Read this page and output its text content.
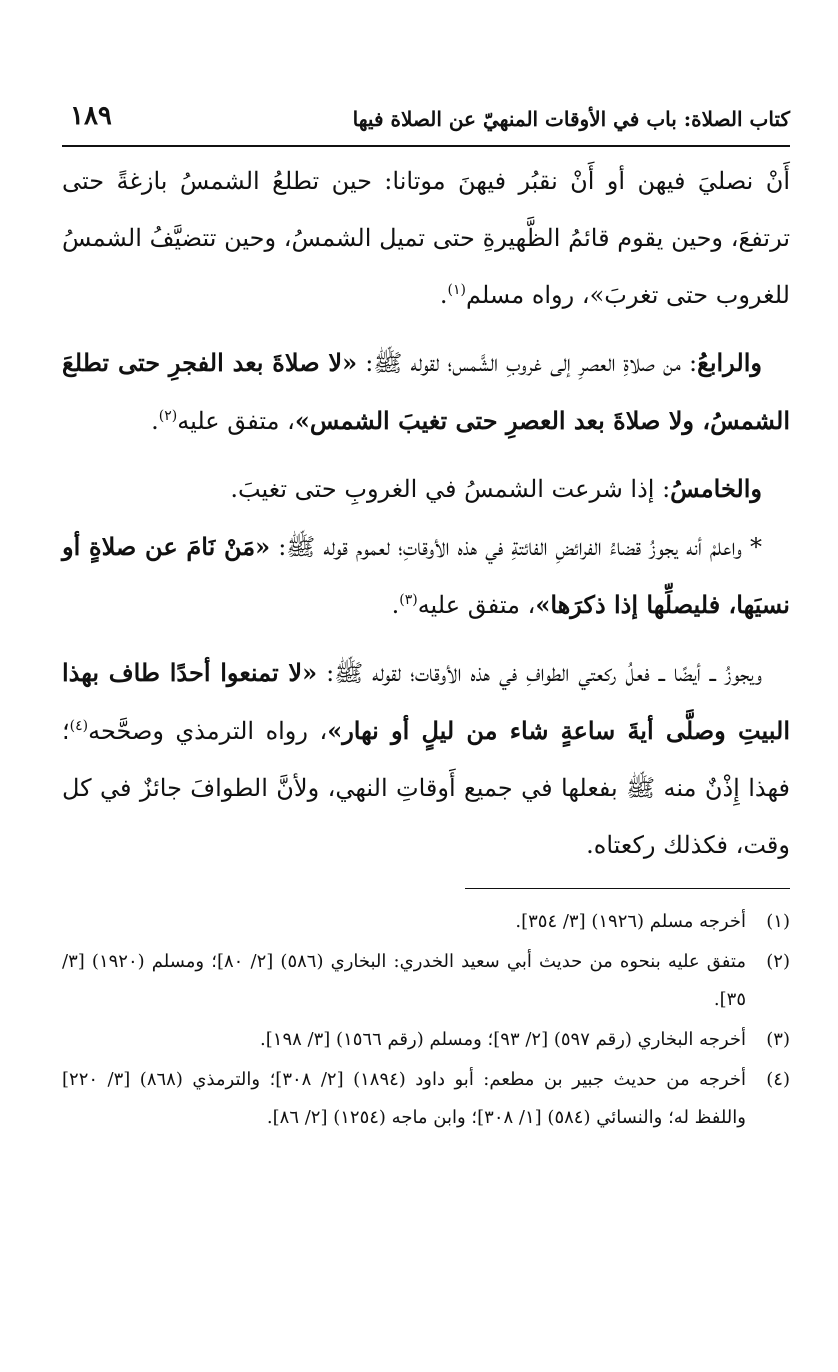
كتاب الصلاة: باب في الأوقات المنهيّ عن الصلاة فيها
١٨٩

أَنْ نصليَ فيهن أو أَنْ نقبُر فيهنَ موتانا: حين تطلعُ الشمسُ بازغةً حتى ترتفعَ، وحين يقوم قائمُ الظَّهيرةِ حتى تميل الشمسُ، وحين تتضيَّفُ الشمسُ للغروب حتى تغربَ»، رواه مسلم$^{(١)}$.

والرابعُ: من صلاةِ العصرِ إلى غروبِ الشَّمس؛ لقوله ﷺ: «لا صلاةَ بعد الفجرِ حتى تطلعَ الشمسُ، ولا صلاةَ بعد العصرِ حتى تغيبَ الشمس»، متفق عليه$^{(٢)}$.

والخامسُ: إذا شرعت الشمسُ في الغروبِ حتى تغيبَ.

* واعلمْ أنه يجوزُ قضاءُ الفرائضِ الفائتةِ في هذه الأوقاتِ؛ لعموم قوله ﷺ: «مَنْ نَامَ عن صلاةٍ أو نسيَها، فليصلِّها إذا ذكرَها»، متفق عليه$^{(٣)}$.

ويجوزُ ــ أيضًا ــ فعلُ ركعتي الطوافِ في هذه الأوقات؛ لقوله ﷺ: «لا تمنعوا أحدًا طاف بهذا البيتِ وصلَّى أيةَ ساعةٍ شاء من ليلٍ أو نهار»، رواه الترمذي وصحَّحه$^{(٤)}$؛ فهذا إِذْنٌ منه ﷺ بفعلها في جميع أَوقاتِ النهي، ولأنَّ الطوافَ جائزٌ في كل وقت، فكذلك ركعتاه.

(١)
أخرجه مسلم (١٩٢٦) [٣/ ٣٥٤].
(٢)
متفق عليه بنحوه من حديث أبي سعيد الخدري: البخاري (٥٨٦) [٢/ ٨٠]؛ ومسلم (١٩٢٠) [٣/ ٣٥].
(٣)
أخرجه البخاري (رقم ٥٩٧) [٢/ ٩٣]؛ ومسلم (رقم ١٥٦٦) [٣/ ١٩٨].
(٤)
أخرجه من حديث جبير بن مطعم: أبو داود (١٨٩٤) [٢/ ٣٠٨]؛ والترمذي (٨٦٨) [٣/ ٢٢٠] واللفظ له؛ والنسائي (٥٨٤) [١/ ٣٠٨]؛ وابن ماجه (١٢٥٤) [٢/ ٨٦].
